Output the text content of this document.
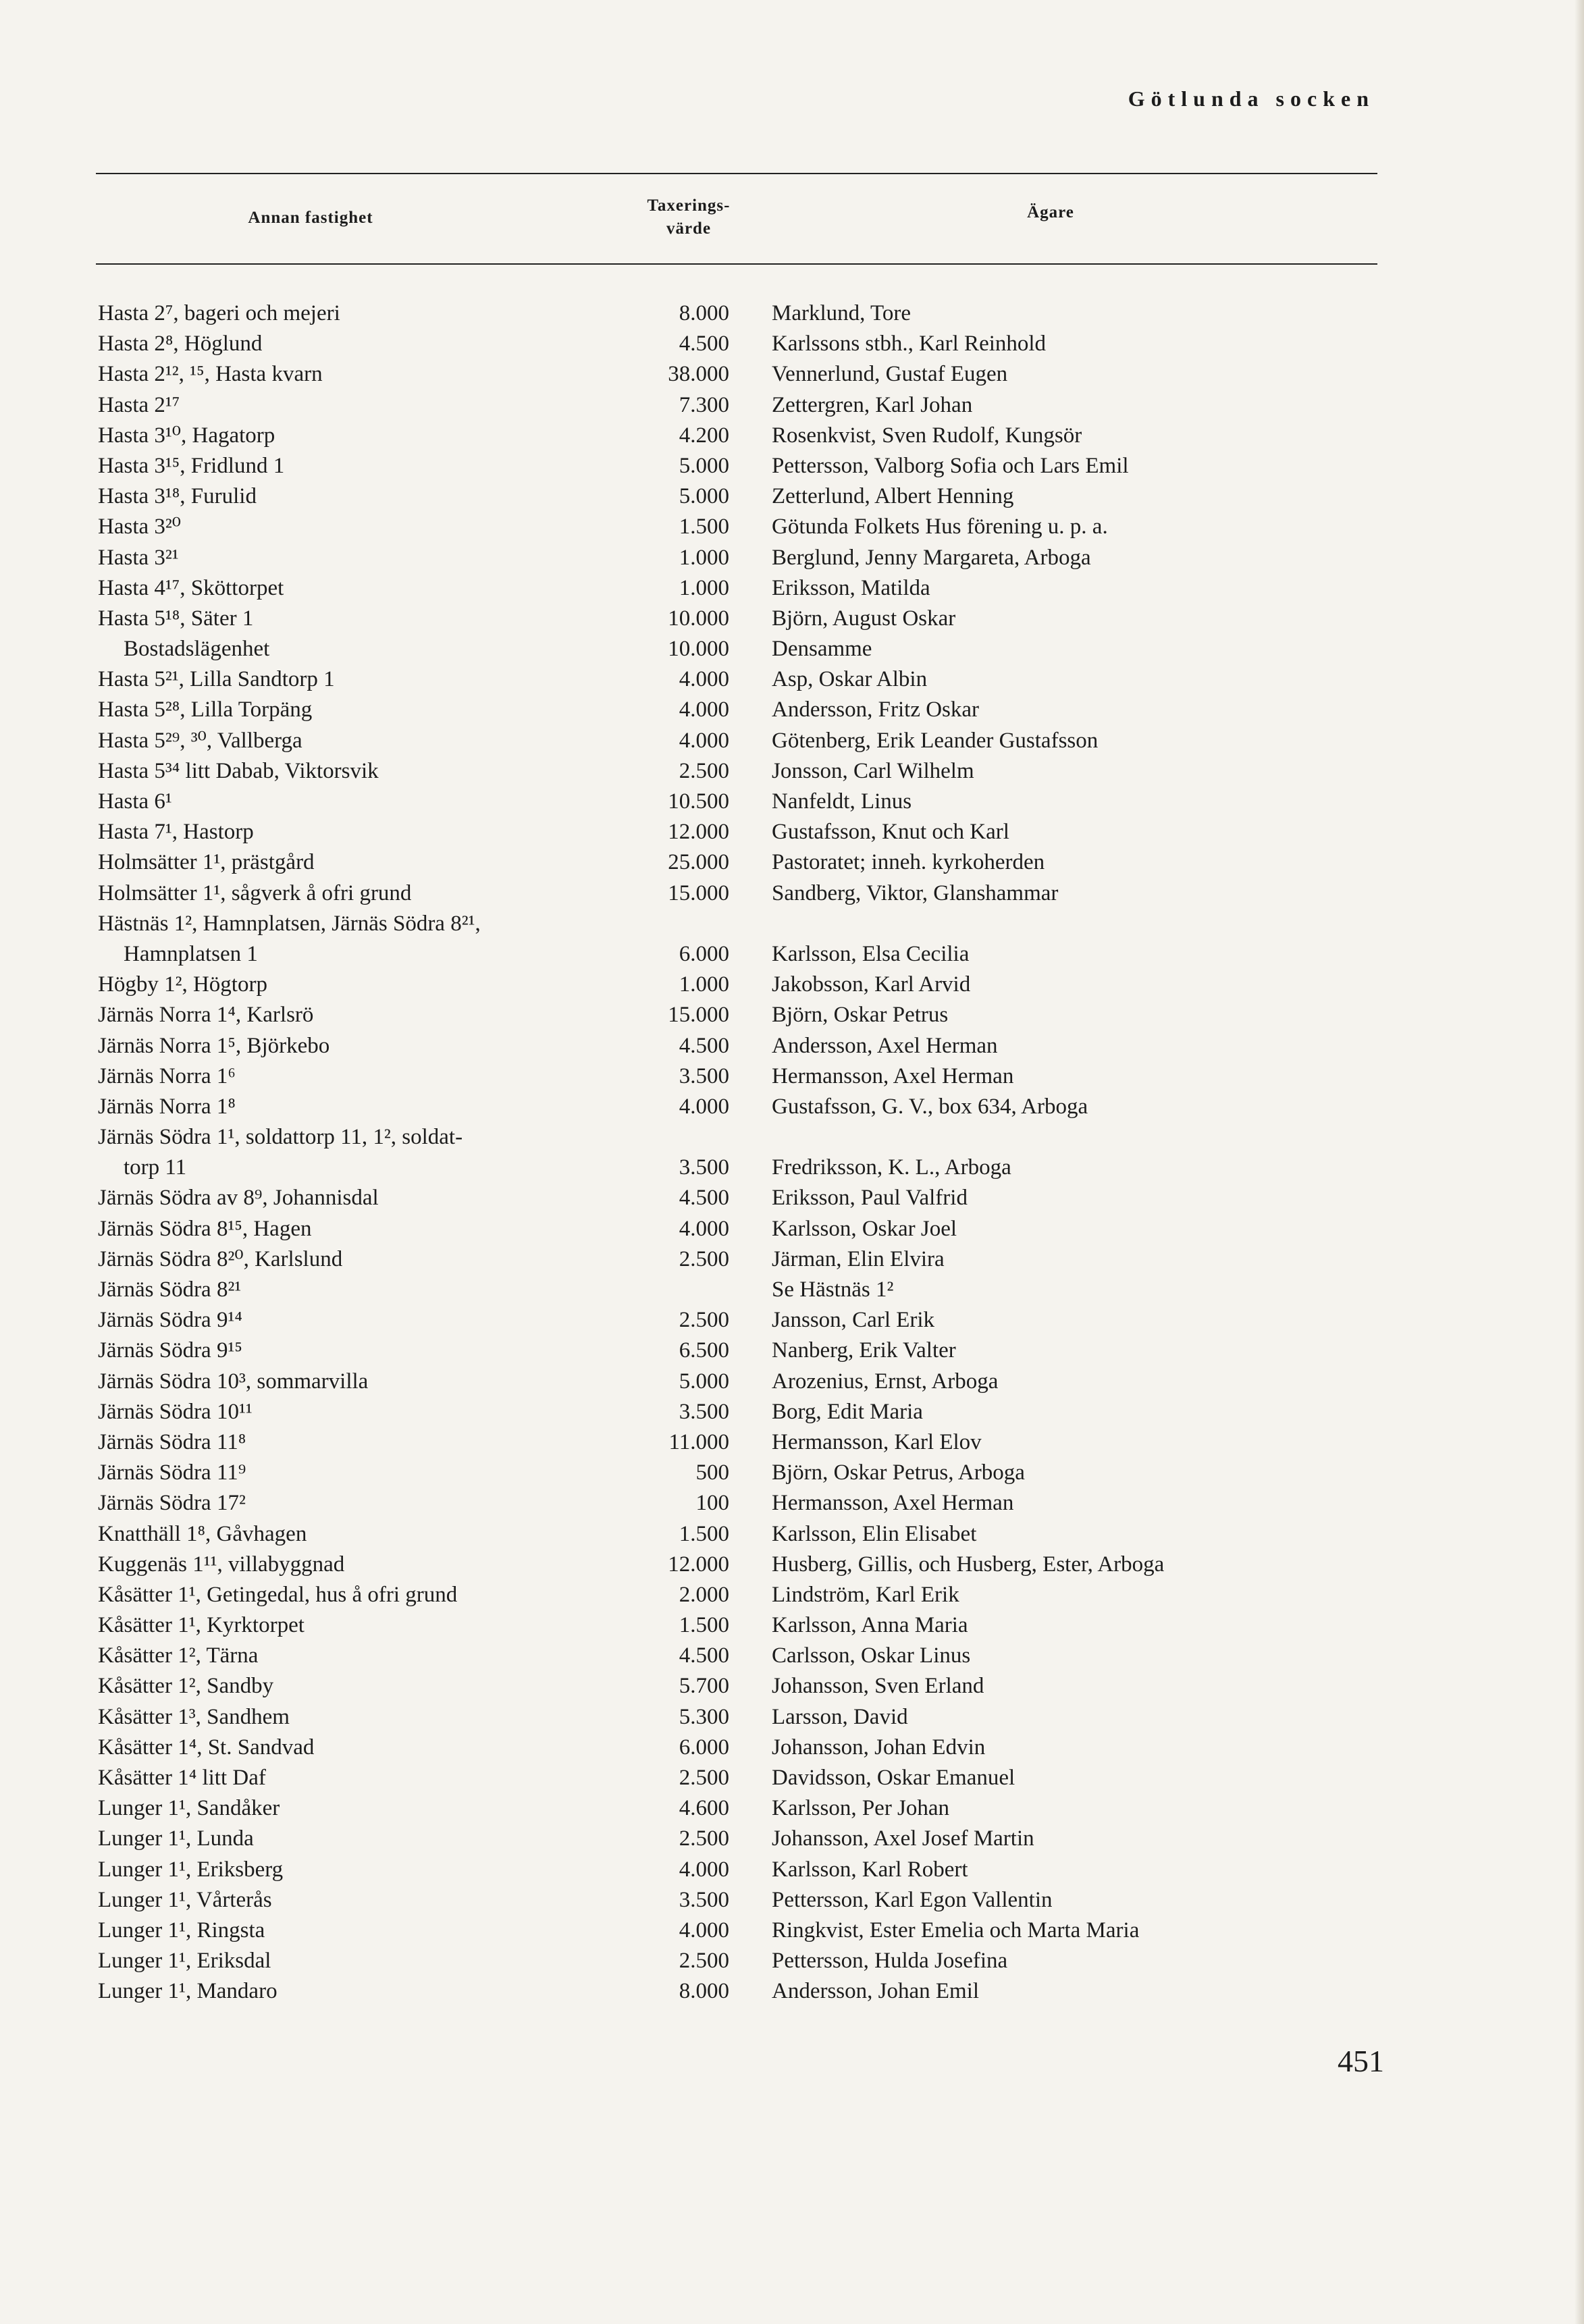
Götlunda socken
Annan fastighet
Taxerings-
värde
Ägare
Hasta 2⁷, bageri och mejeri	8.000 Marklund, Tore
Hasta 2⁸, Höglund	4.500 Karlssons stbh., Karl Reinhold
Hasta 2¹², ¹⁵, Hasta kvarn	38.000 Vennerlund, Gustaf Eugen
Hasta 2¹⁷	7.300 Zettergren, Karl Johan
Hasta 3¹⁰, Hagatorp	4.200 Rosenkvist, Sven Rudolf, Kungsör
Hasta 3¹⁵, Fridlund 1	5.000 Pettersson, Valborg Sofia och Lars Emil
Hasta 3¹⁸, Furulid	5.000 Zetterlund, Albert Henning
Hasta 3²⁰	1.500 Götunda Folkets Hus förening u. p. a.
Hasta 3²¹	1.000 Berglund, Jenny Margareta, Arboga
Hasta 4¹⁷, Sköttorpet	1.000 Eriksson, Matilda
Hasta 5¹⁸, Säter 1	10.000 Björn, August Oskar
Bostadslägenhet	10.000 Densamme
Hasta 5²¹, Lilla Sandtorp 1	4.000 Asp, Oskar Albin
Hasta 5²⁸, Lilla Torpäng	4.000 Andersson, Fritz Oskar
Hasta 5²⁹, ³⁰, Vallberga	4.000 Götenberg, Erik Leander Gustafsson
Hasta 5³⁴ litt Dabab, Viktorsvik	2.500 Jonsson, Carl Wilhelm
Hasta 6¹	10.500 Nanfeldt, Linus
Hasta 7¹, Hastorp	12.000 Gustafsson, Knut och Karl
Holmsätter 1¹, prästgård	25.000 Pastoratet; inneh. kyrkoherden
Holmsätter 1¹, sågverk å ofri grund	15.000 Sandberg, Viktor, Glanshammar
Hästnäs 1², Hamnplatsen, Järnäs Södra 8²¹,
Hamnplatsen 1	6.000 Karlsson, Elsa Cecilia
Högby 1², Högtorp	1.000 Jakobsson, Karl Arvid
Järnäs Norra 1⁴, Karlsrö	15.000 Björn, Oskar Petrus
Järnäs Norra 1⁵, Björkebo	4.500 Andersson, Axel Herman
Järnäs Norra 1⁶	3.500 Hermansson, Axel Herman
Järnäs Norra 1⁸	4.000 Gustafsson, G. V., box 634, Arboga
Järnäs Södra 1¹, soldattorp 11, 1², soldat-
torp 11	3.500 Fredriksson, K. L., Arboga
Järnäs Södra av 8⁹, Johannisdal	4.500 Eriksson, Paul Valfrid
Järnäs Södra 8¹⁵, Hagen	4.000 Karlsson, Oskar Joel
Järnäs Södra 8²⁰, Karlslund	2.500 Järman, Elin Elvira
Järnäs Södra 8²¹	Se Hästnäs 1²
Järnäs Södra 9¹⁴	2.500 Jansson, Carl Erik
Järnäs Södra 9¹⁵	6.500 Nanberg, Erik Valter
Järnäs Södra 10³, sommarvilla	5.000 Arozenius, Ernst, Arboga
Järnäs Södra 10¹¹	3.500 Borg, Edit Maria
Järnäs Södra 11⁸	11.000 Hermansson, Karl Elov
Järnäs Södra 11⁹	500 Björn, Oskar Petrus, Arboga
Järnäs Södra 17²	100 Hermansson, Axel Herman
Knatthäll 1⁸, Gåvhagen	1.500 Karlsson, Elin Elisabet
Kuggenäs 1¹¹, villabyggnad	12.000 Husberg, Gillis, och Husberg, Ester, Arboga
Kåsätter 1¹, Getingedal, hus å ofri grund	2.000 Lindström, Karl Erik
Kåsätter 1¹, Kyrktorpet	1.500 Karlsson, Anna Maria
Kåsätter 1², Tärna	4.500 Carlsson, Oskar Linus
Kåsätter 1², Sandby	5.700 Johansson, Sven Erland
Kåsätter 1³, Sandhem	5.300 Larsson, David
Kåsätter 1⁴, St. Sandvad	6.000 Johansson, Johan Edvin
Kåsätter 1⁴ litt Daf	2.500 Davidsson, Oskar Emanuel
Lunger 1¹, Sandåker	4.600 Karlsson, Per Johan
Lunger 1¹, Lunda	2.500 Johansson, Axel Josef Martin
Lunger 1¹, Eriksberg	4.000 Karlsson, Karl Robert
Lunger 1¹, Vårterås	3.500 Pettersson, Karl Egon Vallentin
Lunger 1¹, Ringsta	4.000 Ringkvist, Ester Emelia och Marta Maria
Lunger 1¹, Eriksdal	2.500 Pettersson, Hulda Josefina
Lunger 1¹, Mandaro	8.000 Andersson, Johan Emil
451
